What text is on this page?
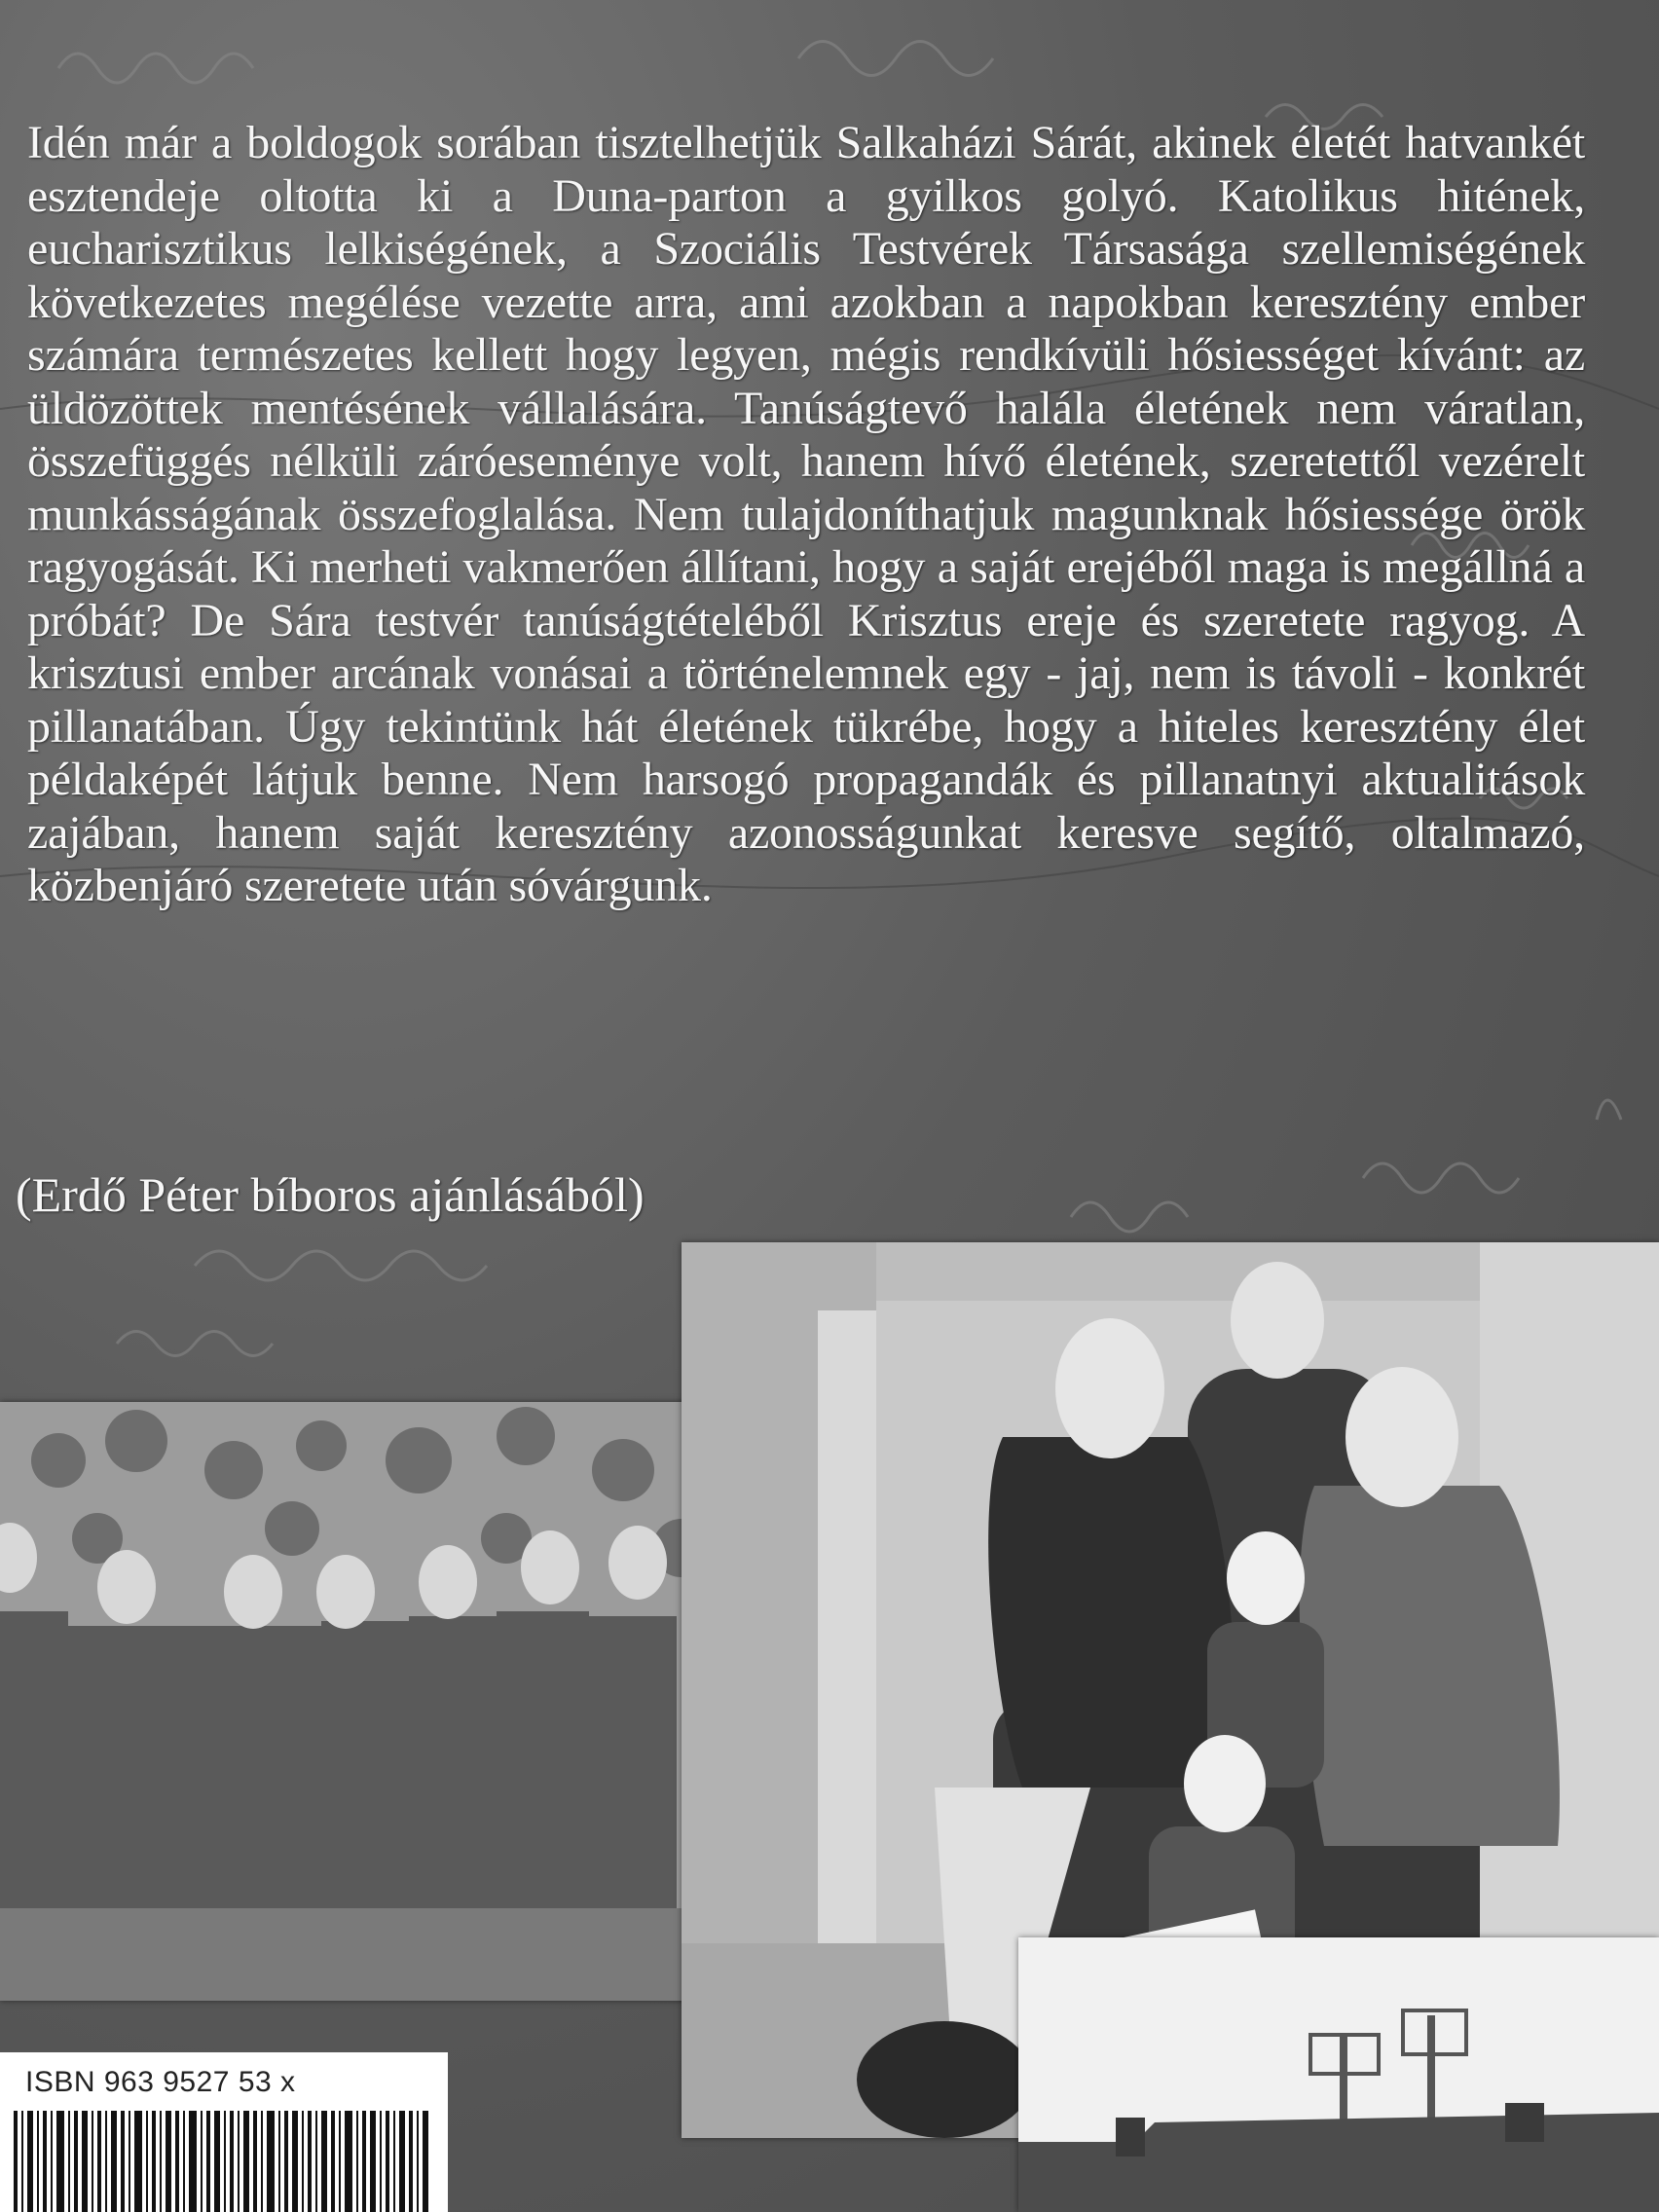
Idén már a boldogok sorában tisztelhetjük Salkaházi Sárát, akinek életét hatvankét esztendeje oltotta ki a Duna-parton a gyilkos golyó. Katolikus hitének, eucharisztikus lelkiségének, a Szociális Testvérek Társasága szellemiségének következetes megélése vezette arra, ami azokban a napokban keresztény ember számára természetes kellett hogy legyen, mégis rendkívüli hősiességet kívánt: az üldözöttek mentésének vállalására. Tanúságtevő halála életének nem váratlan, összefüggés nélküli záróeseménye volt, hanem hívő életének, szeretettől vezérelt munkásságának összefoglalása. Nem tulajdoníthatjuk magunknak hősiessége örök ragyogását. Ki merheti vakmerően állítani, hogy a saját erejéből maga is megállná a próbát? De Sára testvér tanúságtételéből Krisztus ereje és szeretete ragyog. A krisztusi ember arcának vonásai a történelemnek egy - jaj, nem is távoli - konkrét pillanatában. Úgy tekintünk hát életének tükrébe, hogy a hiteles keresztény élet példaképét látjuk benne. Nem harsogó propagandák és pillanatnyi aktualitások zajában, hanem saját keresztény azonosságunkat keresve segítő, oltalmazó, közbenjáró szeretete után sóvárgunk.

(Erdő Péter bíboros ajánlásából)
ISBN 963 9527 53 x
